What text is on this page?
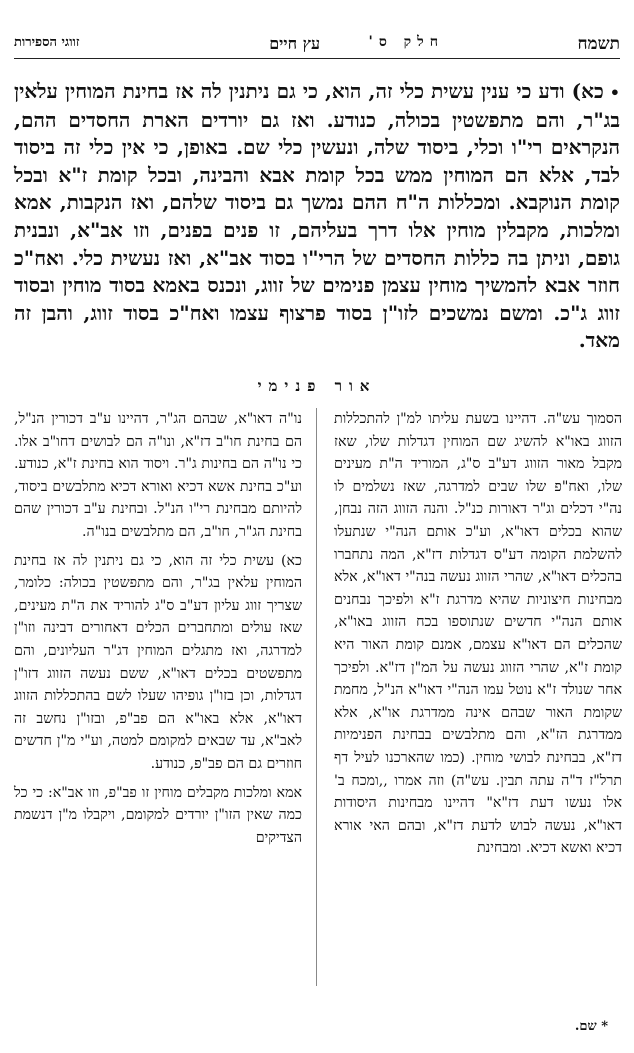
תשמח
חלק ס'
עץ חיים
זווגי הספירות

•כא) ודע כי ענין עשית כלי זה, הוא, כי גם ניתנין לה אז בחינת המוחין עלאין בג"ר, והם מתפשטין בכולה, כנודע. ואז גם יורדים הארת החסדים ההם, הנקראים רי"ו וכלי, ביסוד שלה, ונעשין כלי שם. באופן, כי אין כלי זה ביסוד לבד, אלא הם המוחין ממש בכל קומת אבא והבינה, ובכל קומת ז"א ובכל קומת הנוקבא. ומכללות ה"ח ההם נמשך גם ביסוד שלהם, ואז הנקבות, אמא ומלכות, מקבלין מוחין אלו דרך בעליהם, זו פנים בפנים, וזו אב"א, ונבנית גופם, וניתן בה כללות החסדים של הרי"ו בסוד אב"א, ואז נעשית כלי. ואח"כ חוזר אבא להמשיך מוחין עצמן פנימים של זווג, ונכנס באמא בסוד מוחין ובסוד זווג ג"כ. ומשם נמשכים לזו"ן בסוד פרצוף עצמו ואח"כ בסוד זווג, והבן זה מאד.

אור פנימי

הסמוך עש"ה. דהיינו בשעת עליתו למ"ן להתכללות הזווג באו"א להשיג שם המוחין דגדלות שלו, שאז מקבל מאור הזווג דע"ב ס"ג, המוריד ה"ת מעינים שלו, ואח"פ שלו שבים למדרגה, שאז נשלמים לו נה"י דכלים וג"ר דאורות כנ"ל. והנה הזווג הזה נבחן, שהוא בכלים דאו"א, וע"כ אותם הנה"י שנתעלו להשלמת הקומה דע"ס דגדלות דז"א, המה נתחברו בהכלים דאו"א, שהרי הזווג נעשה בנה"י דאו"א, אלא מבחינות חיצוניות שהיא מדרגת ז"א ולפיכך נבחנים אותם הנה"י חדשים שנתוספו בכח הזווג באו"א, שהכלים הם דאו"א עצמם, אמנם קומת האור היא קומת ז"א, שהרי הזווג נעשה על המ"ן דז"א. ולפיכך אחר שנולד ז"א נוטל עמו הנה"י דאו"א הנ"ל, מחמת שקומת האור שבהם אינה ממדרגת או"א, אלא ממדרגת הז"א, והם מתלבשים בבחינת הפנימיות דז"א, בבחינת לבושי מוחין. (כמו שהארכנו לעיל דף תרל"ז ד"ה עתה תבין. עש"ה) וזה אמרו ,,ומכח ב' אלו נעשו דעת דז"א" דהיינו מבחינות היסודות דאו"א, נעשה לבוש לדעת דז"א, ובהם האי אורא דכיא ואשא דכיא. ומבחינת

נו"ה דאו"א, שבהם הג"ר, דהיינו ע"ב דכורין הנ"ל, הם בחינת חו"ב דז"א, ונו"ה הם לבושים דחו"ב אלו. כי נו"ה הם בחינות ג"ר. ויסוד הוא בחינת ז"א, כנודע. וע"כ בחינת אשא דכיא ואורא דכיא מתלבשים ביסוד, להיותם מבחינת רי"ו הנ"ל. ובחינת ע"ב דכורין שהם בחינת הג"ר, חו"ב, הם מתלבשים בנו"ה.

כא) עשית כלי זה הוא, כי גם ניתנין לה אז בחינת המוחין עלאין בג"ר, והם מתפשטין בכולה: כלומר, שצריך זווג עליון דע"ב ס"ג להוריד את ה"ת מעינים, שאז עולים ומתחברים הכלים דאחורים דבינה וזו"ן למדרגה, ואז מתגלים המוחין דג"ר העליונים, והם מתפשטים בכלים דאו"א, ששם נעשה הזווג דזו"ן דגדלות, וכן בזו"ן גופיהו שעלו לשם בהתכללות הזווג דאו"א, אלא באו"א הם פב"פ, ובזו"ן נחשב זה לאב"א, עד שבאים למקומם למטה, וע"י מ"ן חדשים חוזרים גם הם פב"פ, כנודע.

אמא ומלכות מקבלים מוחין זו פב"פ, וזו אב"א: כי כל כמה שאין הזו"ן יורדים למקומם, ויקבלו מ"ן דנשמת הצדיקים

* שם.
